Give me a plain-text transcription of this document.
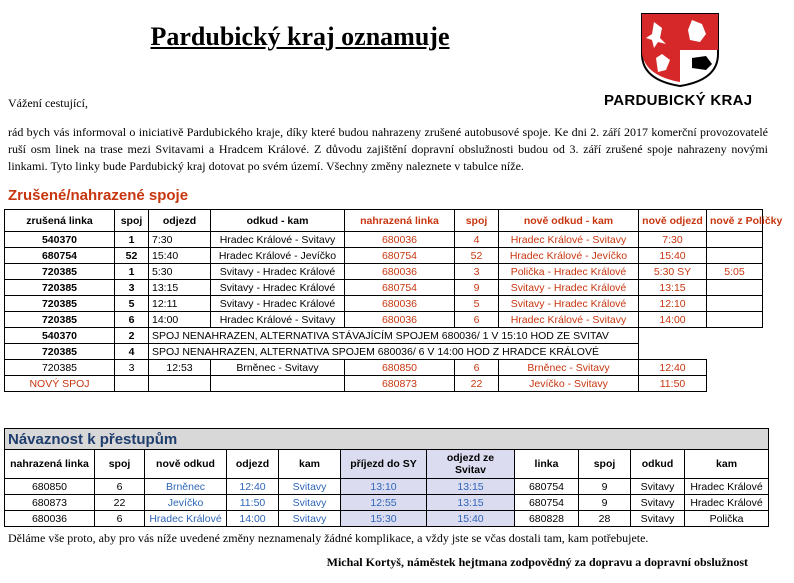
Pardubický kraj oznamuje
PARDUBICKÝ KRAJ
Vážení cestující,
rád bych vás informoval o iniciativě Pardubického kraje, díky které budou nahrazeny zrušené autobusové spoje. Ke dni 2. září 2017 komerční provozovatelé ruší osm linek na trase mezi Svitavami a Hradcem Králové. Z důvodu zajištění dopravní obslužnosti budou od 3. září zrušené spoje nahrazeny novými linkami. Tyto linky bude Pardubický kraj dotovat po svém území. Všechny změny naleznete v tabulce níže.
Zrušené/nahrazené spoje
zrušená linka	spoj	odjezd	odkud - kam	nahrazená linka	spoj	nově odkud - kam	nově odjezd	nově z Poličky
540370	1	7:30	Hradec Králové - Svitavy	680036	4	Hradec Králové - Svitavy	7:30	
680754	52	15:40	Hradec Králové - Jevíčko	680754	52	Hradec Králové - Jevíčko	15:40	
720385	1	5:30	Svitavy - Hradec Králové	680036	3	Polička - Hradec Králové	5:30 SY	5:05
720385	3	13:15	Svitavy - Hradec Králové	680754	9	Svitavy - Hradec Králové	13:15	
720385	5	12:11	Svitavy - Hradec Králové	680036	5	Svitavy - Hradec Králové	12:10	
720385	6	14:00	Hradec Králové - Svitavy	680036	6	Hradec Králové - Svitavy	14:00	
540370	2	SPOJ NENAHRAZEN, ALTERNATIVA STÁVAJÍCÍM SPOJEM 680036/ 1 V 15:10 HOD ZE SVITAV						
720385	4	SPOJ NENAHRAZEN, ALTERNATIVA SPOJEM 680036/ 6 V 14:00 HOD Z HRADCE KRÁLOVÉ						
720385	3	12:53	Brněnec - Svitavy	680850	6	Brněnec - Svitavy	12:40	
NOVÝ SPOJ				680873	22	Jevíčko - Svitavy	11:50	
Návaznost k přestupům										
nahrazená linka	spoj	nově odkud	odjezd	kam	příjezd do SY	odjezd ze Svitav	linka	spoj	odkud	kam
680850	6	Brněnec	12:40	Svitavy	13:10	13:15	680754	9	Svitavy	Hradec Králové
680873	22	Jevíčko	11:50	Svitavy	12:55	13:15	680754	9	Svitavy	Hradec Králové
680036	6	Hradec Králové	14:00	Svitavy	15:30	15:40	680828	28	Svitavy	Polička
Děláme vše proto, aby pro vás níže uvedené změny neznamenaly žádné komplikace, a vždy jste se včas dostali tam, kam potřebujete.
Michal Kortyš, náměstek hejtmana zodpovědný za dopravu a dopravní obslužnost
